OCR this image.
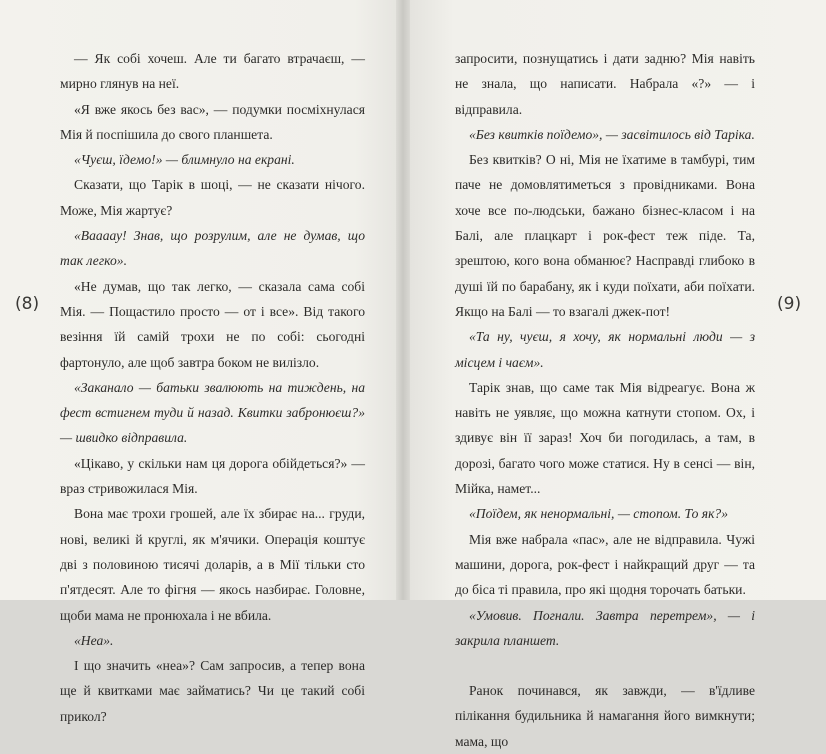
— Як собі хочеш. Але ти багато втрачаєш, — мирно глянув на неї.

«Я вже якось без вас», — подумки посміхнулася Мія й поспішила до свого планшета.

«Чуєш, їдемо!» — блимнуло на екрані.

Сказати, що Тарік в шоці, — не сказати нічого. Може, Мія жартує?

«Ваааау! Знав, що розрулим, але не думав, що так легко».

«Не думав, що так легко, — сказала сама собі Мія. — Пощастило просто — от і все». Від такого везіння їй самій трохи не по собі: сьогодні фартонуло, але щоб завтра боком не вилізло.

«Заканало — батьки звалюють на тиждень, на фест встигнем туди й назад. Квитки забронюєш?» — швидко відправила.

«Цікаво, у скільки нам ця дорога обійдеться?» — враз стривожилася Мія.

Вона має трохи грошей, але їх збирає на... груди, нові, великі й круглі, як м'ячики. Операція коштує дві з половиною тисячі доларів, а в Мії тільки сто п'ятдесят. Але то фігня — якось назбирає. Головне, щоби мама не пронюхала і не вбила.

«Неа».

І що значить «неа»? Сам запросив, а тепер вона ще й квитками має займатись? Чи це такий собі прикол?

запросити, познущатись і дати задню? Мія навіть не знала, що написати. Набрала «?» — і відправила.

«Без квитків поїдемо», — засвітилось від Таріка.

Без квитків? О ні, Мія не їхатиме в тамбурі, тим паче не домовлятиметься з провідниками. Вона хоче все по-людськи, бажано бізнес-класом і на Балі, але плацкарт і рок-фест теж піде. Та, зрештою, кого вона обманює? Насправді глибоко в душі їй по барабану, як і куди поїхати, аби поїхати. Якщо на Балі — то взагалі джек-пот!

«Та ну, чуєш, я хочу, як нормальні люди — з місцем і чаєм».

Тарік знав, що саме так Мія відреагує. Вона ж навіть не уявляє, що можна катнути стопом. Ох, і здивує він її зараз! Хоч би погодилась, а там, в дорозі, багато чого може статися. Ну в сенсі — він, Мійка, намет...

«Поїдем, як ненормальні, — стопом. То як?»

Мія вже набрала «пас», але не відправила. Чужі машини, дорога, рок-фест і найкращий друг — та до біса ті правила, про які щодня торочать батьки.

«Умовив. Погнали. Завтра перетрем», — і закрила планшет.

Ранок починався, як завжди, — в'їдливе пілікання будильника й намагання його вимкнути; мама, що

(8)	(9)
